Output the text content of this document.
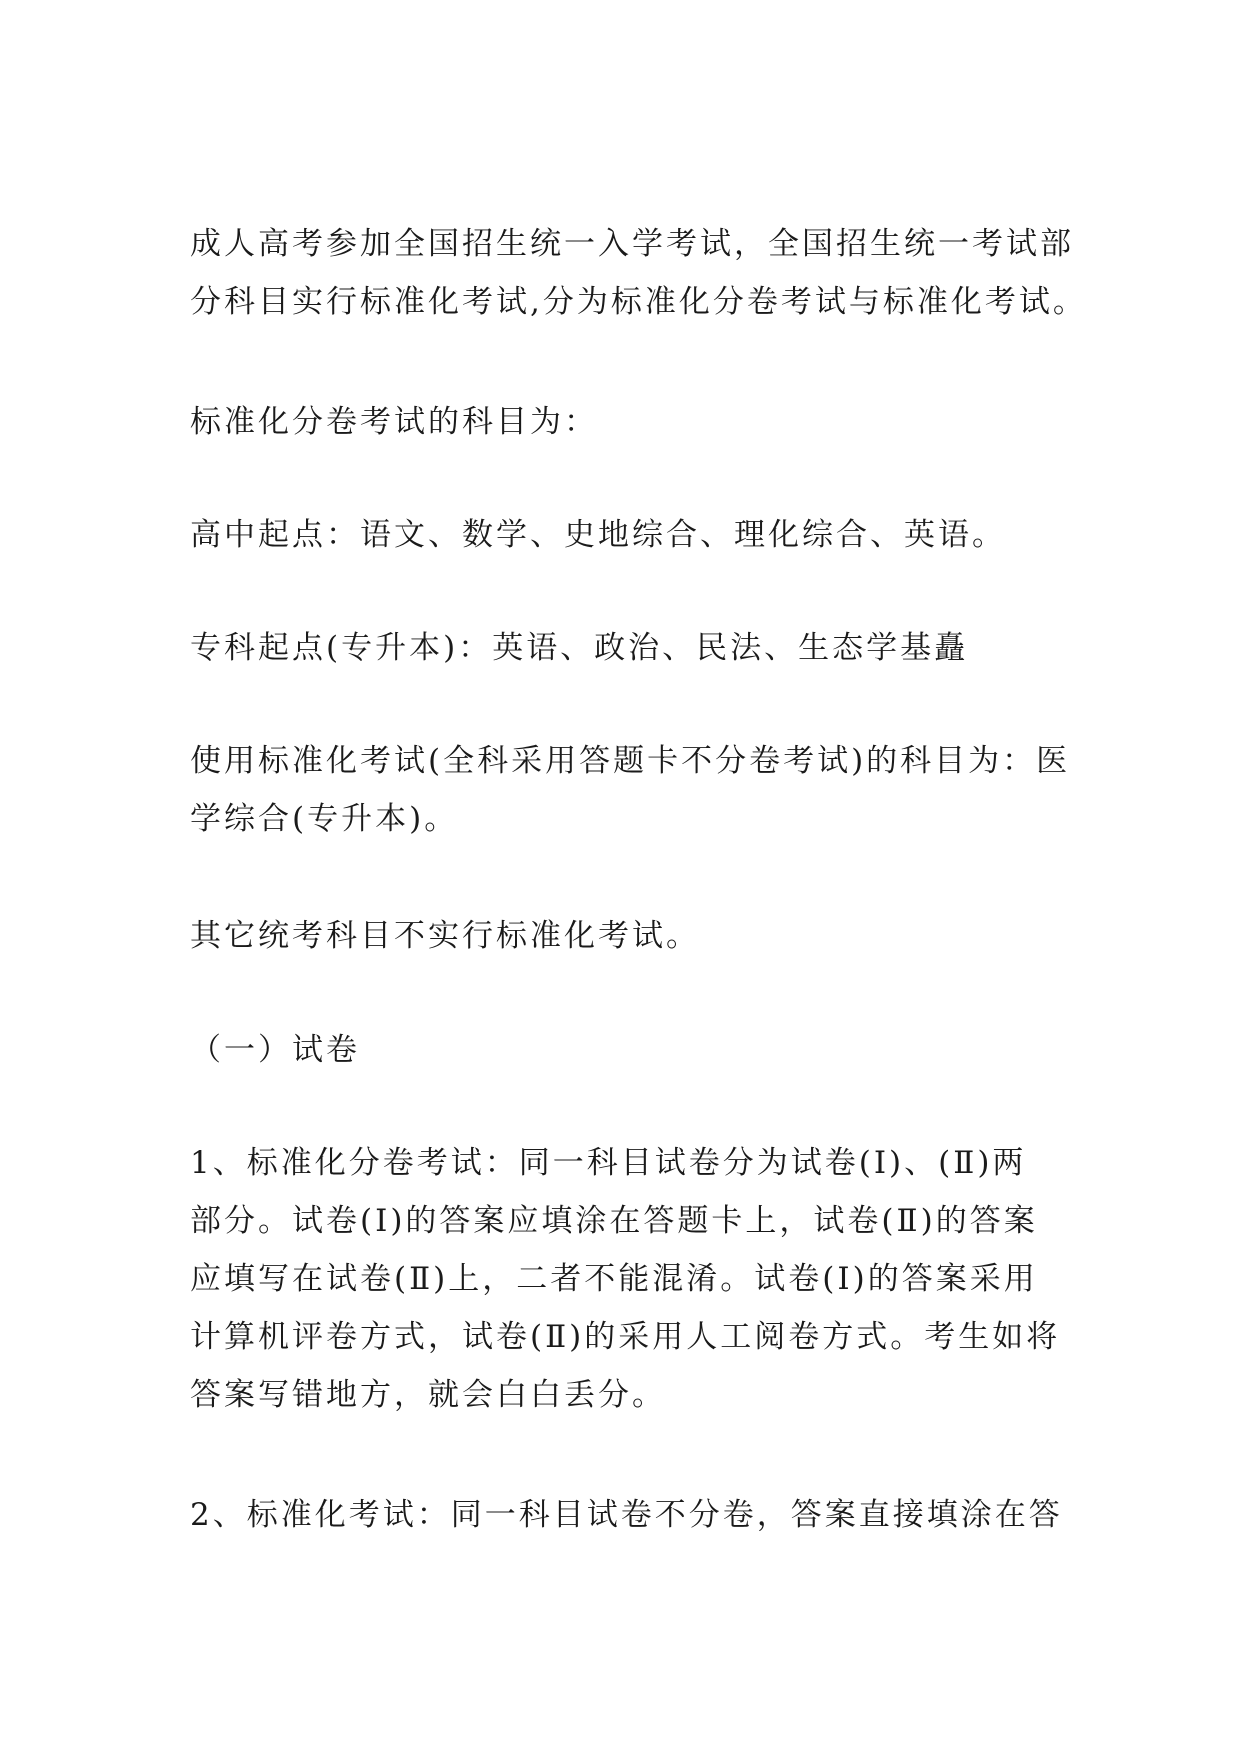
成人高考参加全国招生统一入学考试，全国招生统一考试部
分科目实行标准化考试,分为标准化分卷考试与标准化考试。

标准化分卷考试的科目为：

高中起点：语文、数学、史地综合、理化综合、英语。

专科起点(专升本)：英语、政治、民法、生态学基矗

使用标准化考试(全科采用答题卡不分卷考试)的科目为：医
学综合(专升本)。

其它统考科目不实行标准化考试。

（一）试卷

1、标准化分卷考试：同一科目试卷分为试卷(Ⅰ)、(Ⅱ)两
部分。试卷(Ⅰ)的答案应填涂在答题卡上，试卷(Ⅱ)的答案
应填写在试卷(Ⅱ)上，二者不能混淆。试卷(Ⅰ)的答案采用
计算机评卷方式，试卷(Ⅱ)的采用人工阅卷方式。考生如将
答案写错地方，就会白白丢分。

2、标准化考试：同一科目试卷不分卷，答案直接填涂在答
